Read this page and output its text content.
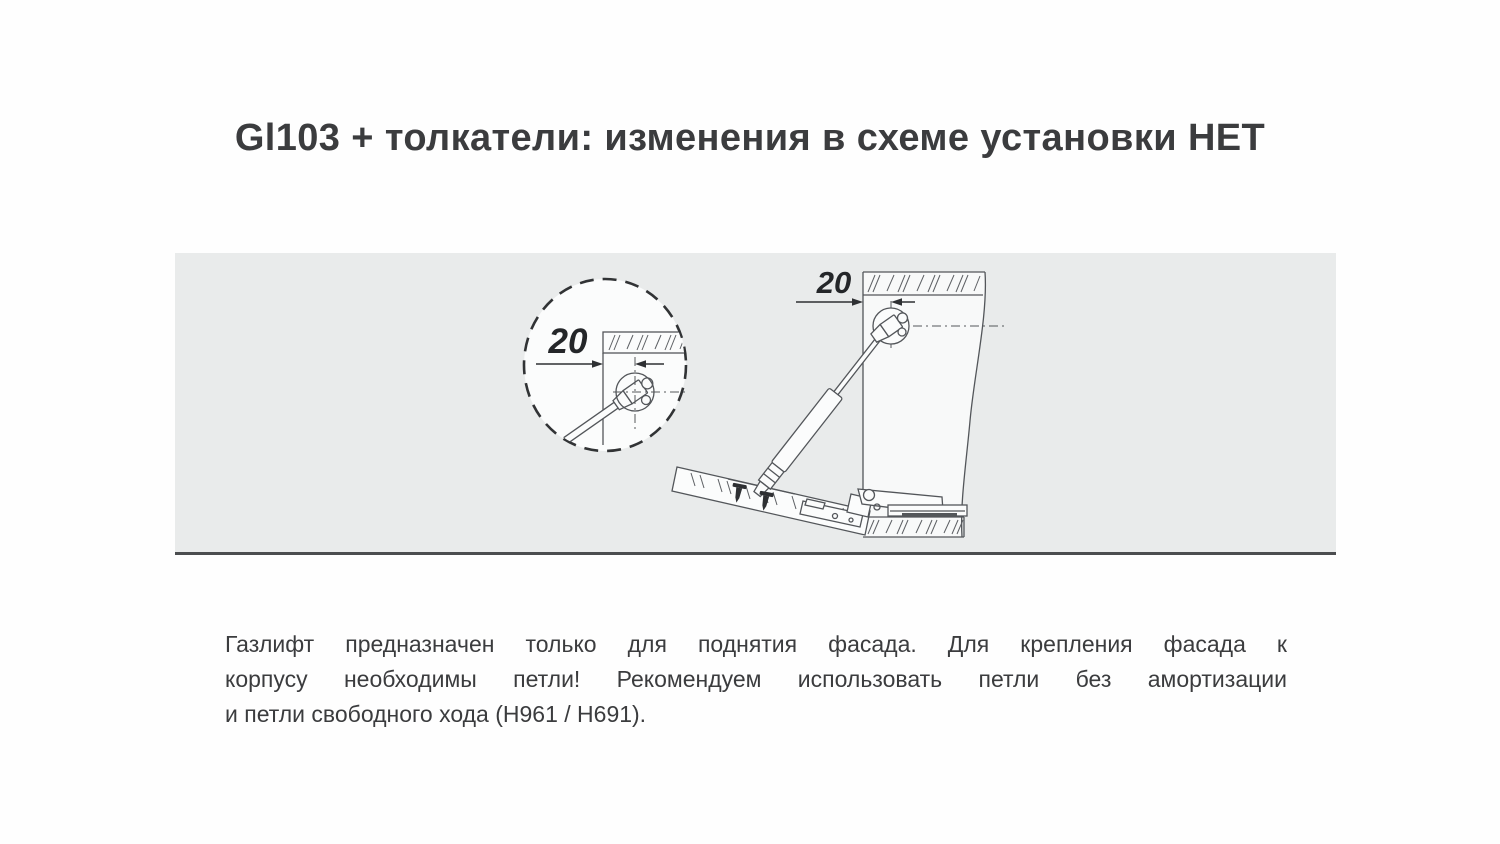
Gl103 + толкатели: изменения в схеме установки НЕТ
20
20
Газлифт предназначен только для поднятия фасада. Для крепления фасада к
корпусу необходимы петли! Рекомендуем использовать петли без амортизации
и петли свободного хода (H961 / H691).
